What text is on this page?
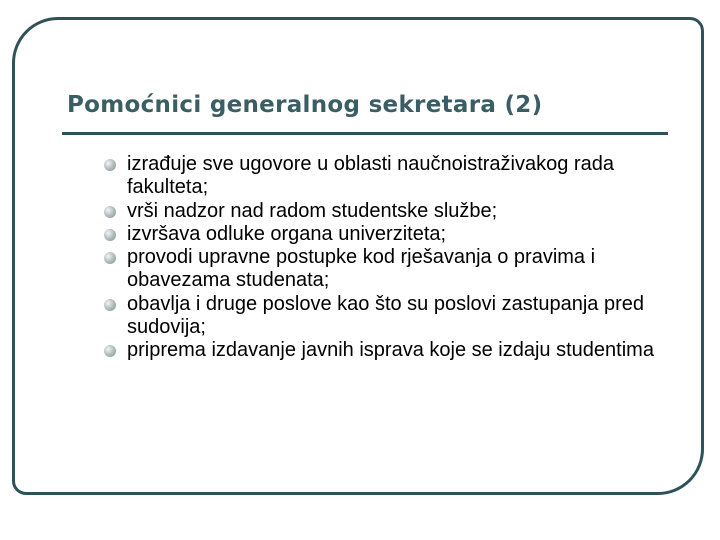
Pomoćnici generalnog sekretara (2)
izrađuje sve ugovore u oblasti naučnoistraživakog rada fakulteta;
vrši nadzor nad radom studentske službe;
izvršava odluke organa univerziteta;
provodi upravne postupke kod rješavanja o pravima i obavezama studenata;
obavlja i druge poslove kao što su poslovi zastupanja pred sudovija;
priprema izdavanje javnih isprava koje se izdaju studentima
